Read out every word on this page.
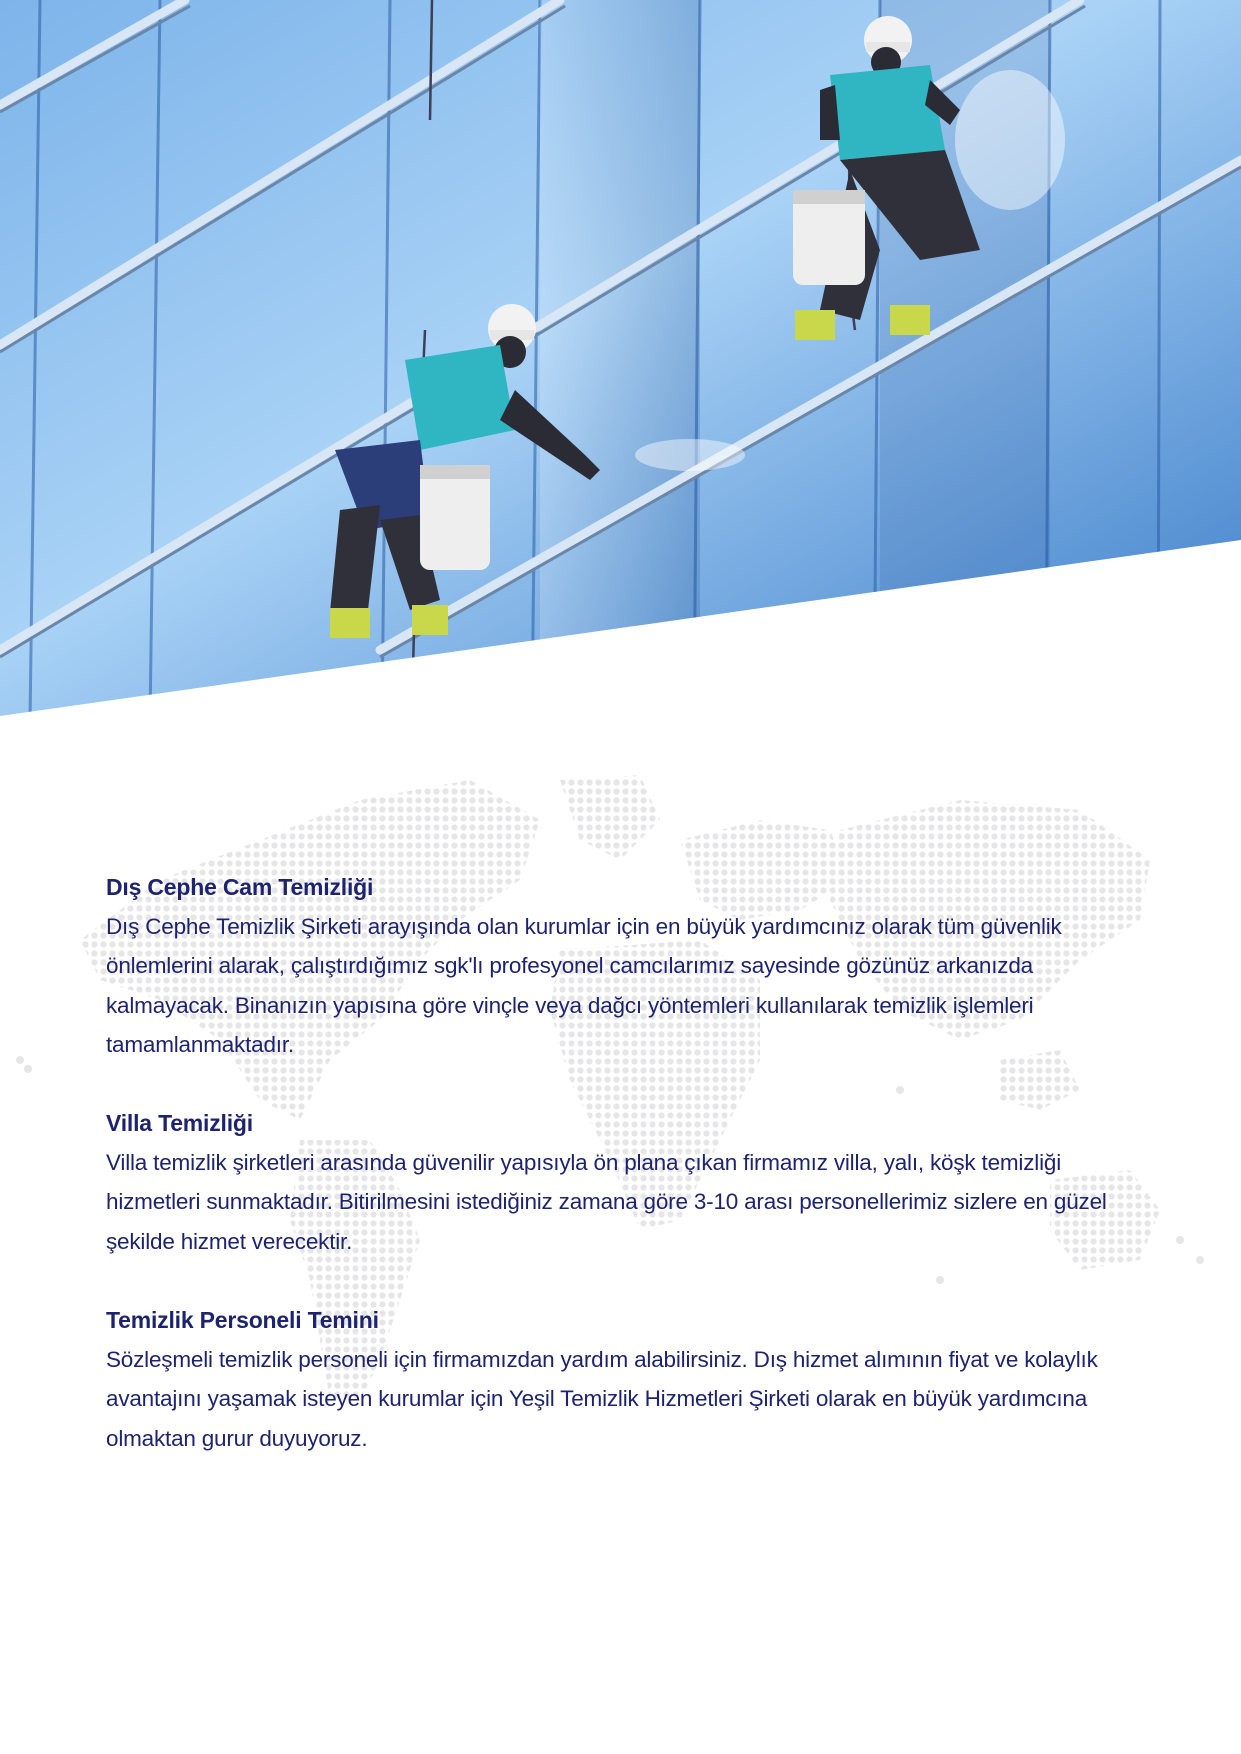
Dış Cephe Cam Temizliği

Dış Cephe Temizlik Şirketi arayışında olan kurumlar için en büyük yardımcınız olarak tüm güvenlik önlemlerini alarak, çalıştırdığımız sgk'lı profesyonel camcılarımız sayesinde gözünüz arkanızda kalmayacak. Binanızın yapısına göre vinçle veya dağcı yöntemleri kullanılarak temizlik işlemleri tamamlanmaktadır.

Villa Temizliği

Villa temizlik şirketleri arasında güvenilir yapısıyla ön plana çıkan firmamız villa, yalı, köşk temizliği hizmetleri sunmaktadır. Bitirilmesini istediğiniz zamana göre 3-10 arası personellerimiz sizlere en güzel şekilde hizmet verecektir.

Temizlik Personeli Temini

Sözleşmeli temizlik personeli için firmamızdan yardım alabilirsiniz. Dış hizmet alımının fiyat ve kolaylık avantajını yaşamak isteyen kurumlar için Yeşil Temizlik Hizmetleri Şirketi olarak en büyük yardımcına olmaktan gurur duyuyoruz.
